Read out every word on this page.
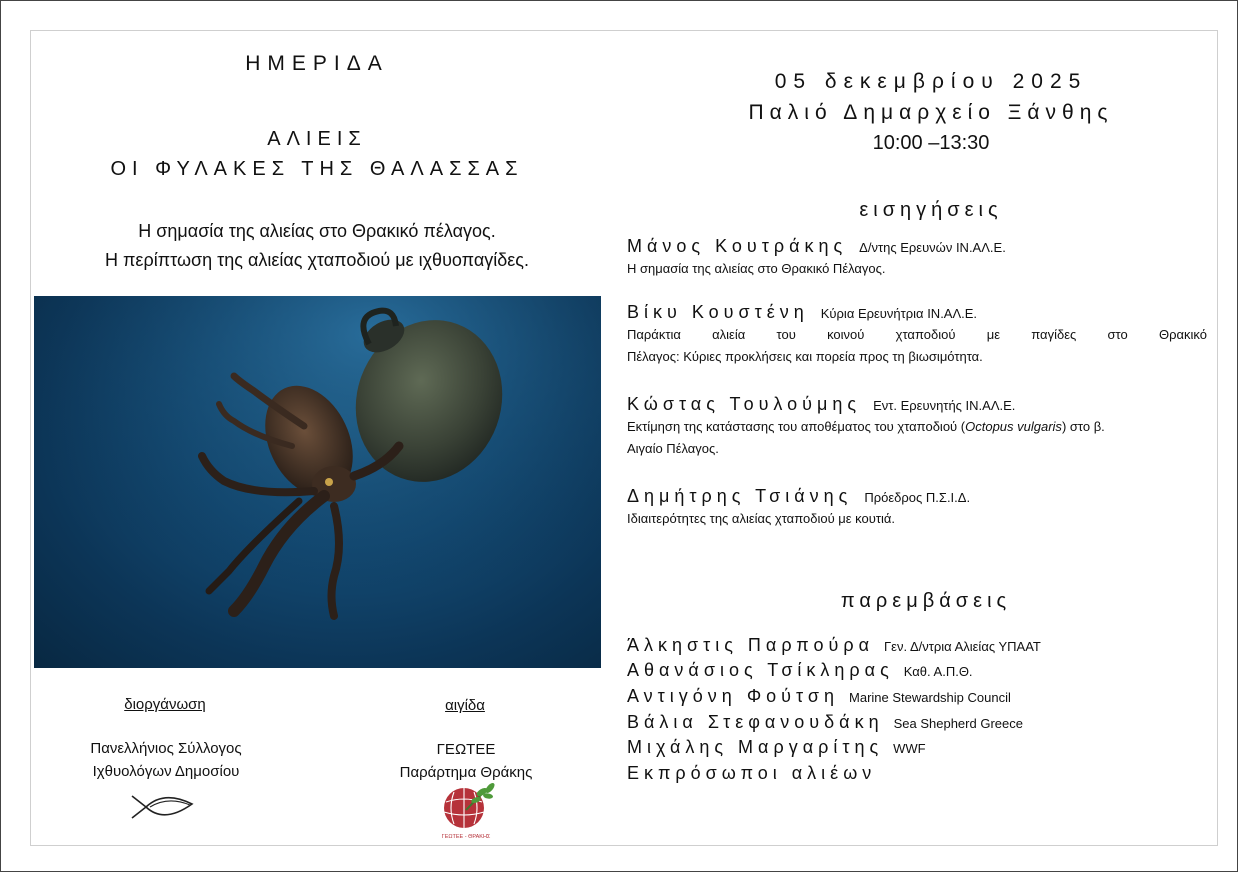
ΗΜΕΡΙΔΑ
ΑΛΙΕΙΣ
ΟΙ ΦΥΛΑΚΕΣ ΤΗΣ ΘΑΛΑΣΣΑΣ
Η σημασία της αλιείας στο Θρακικό πέλαγος.
Η περίπτωση της αλιείας χταποδιού με ιχθυοπαγίδες.
διοργάνωση
Πανελλήνιος Σύλλογος
Ιχθυολόγων Δημοσίου
αιγίδα
ΓΕΩΤΕΕ
Παράρτημα Θράκης
ΓΕΩΤΕΕ - ΘΡΑΚΗΣ
05 δεκεμβρίου 2025
Παλιό Δημαρχείο Ξάνθης
10:00 –13:30
εισηγήσεις
Μάνος Κουτράκης Δ/ντης Ερευνών ΙΝ.ΑΛ.Ε.
Η σημασία της αλιείας στο Θρακικό Πέλαγος.
Βίκυ Κουστένη Κύρια Ερευνήτρια ΙΝ.ΑΛ.Ε.
Παράκτια αλιεία του κοινού χταποδιού με παγίδες στο Θρακικό
Πέλαγος: Κύριες προκλήσεις και πορεία προς τη βιωσιμότητα.
Κώστας Τουλούμης Εντ. Ερευνητής ΙΝ.ΑΛ.Ε.
Εκτίμηση της κατάστασης του αποθέματος του χταποδιού (Octopus vulgaris) στο β.
Αιγαίο Πέλαγος.
Δημήτρης Τσιάνης Πρόεδρος Π.Σ.Ι.Δ.
Ιδιαιτερότητες της αλιείας χταποδιού με κουτιά.
παρεμβάσεις
Άλκηστις Παρπούρα Γεν. Δ/ντρια Αλιείας ΥΠΑΑΤ
Αθανάσιος Τσίκληρας Καθ. Α.Π.Θ.
Αντιγόνη Φούτση Marine Stewardship Council
Βάλια Στεφανουδάκη Sea Shepherd Greece
Μιχάλης Μαργαρίτης WWF
Εκπρόσωποι αλιέων
